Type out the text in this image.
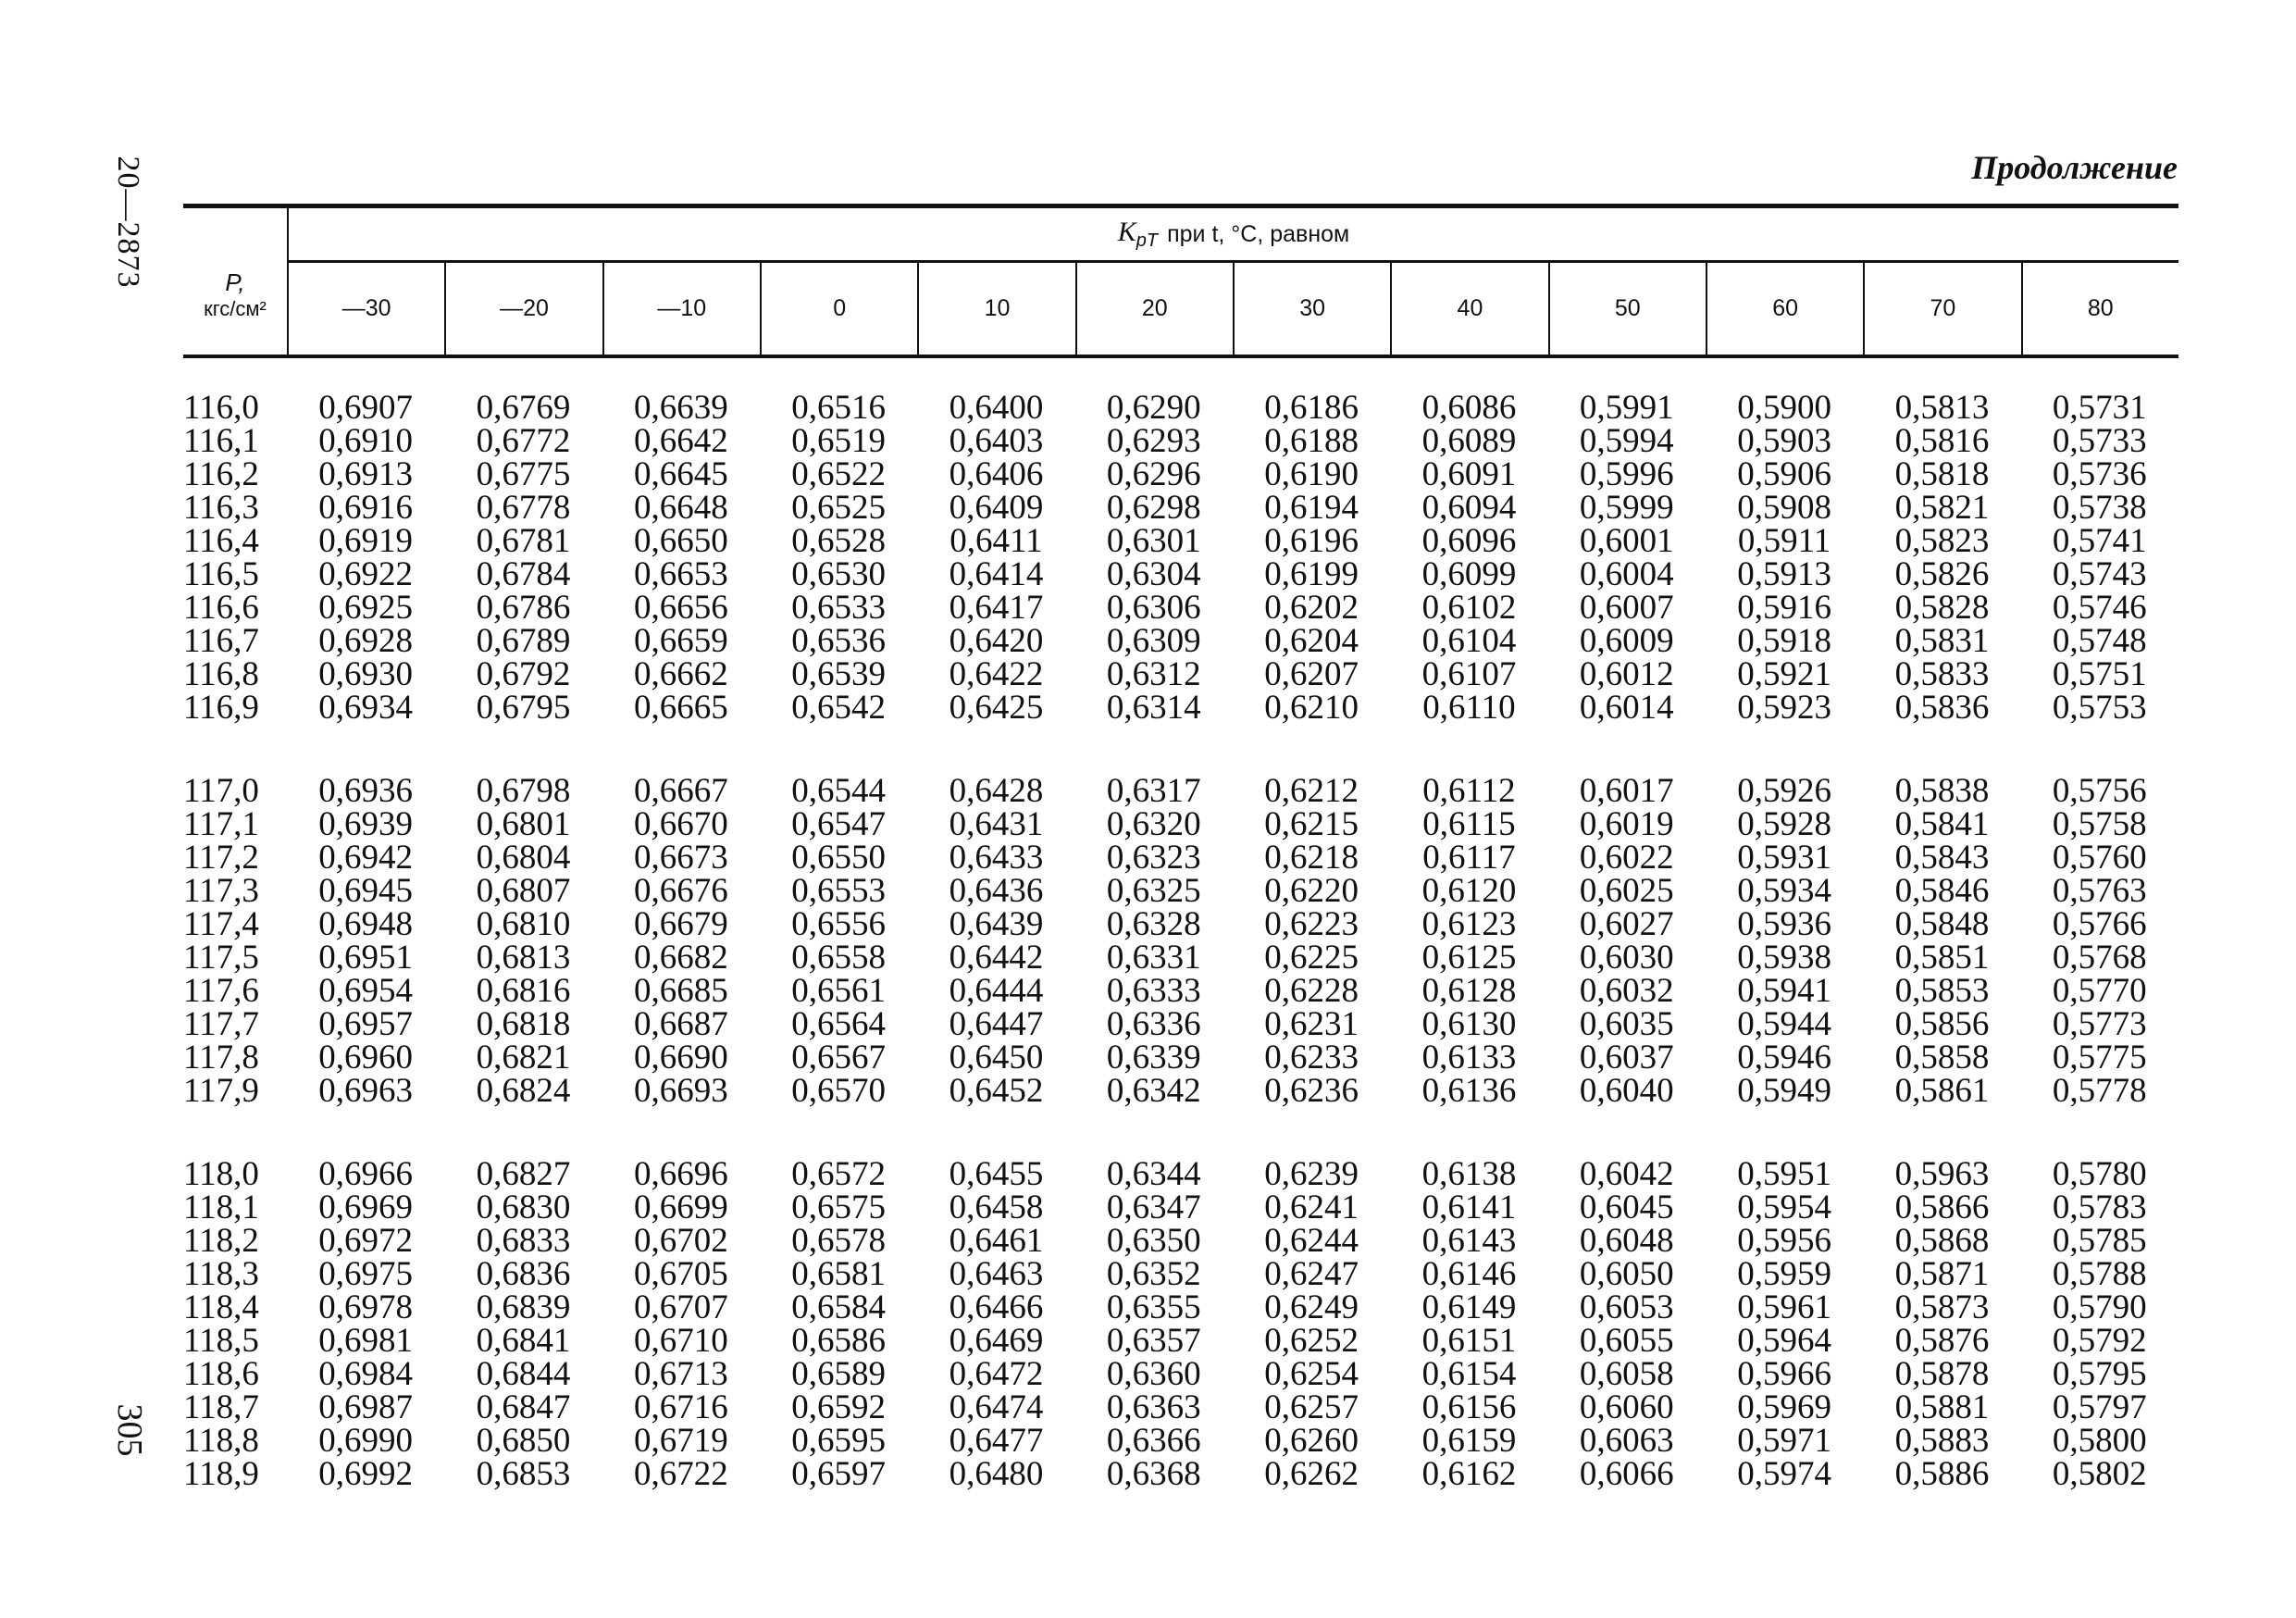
20—2873
305
Продолжение
P,
кгс/см²
$K_{pT}$ при t, °C, равном
—30	—20	—10	0	10	20	30	40	50	60	70	80
116,0	0,6907	0,6769	0,6639	0,6516	0,6400	0,6290	0,6186	0,6086	0,5991	0,5900	0,5813	0,5731
116,1	0,6910	0,6772	0,6642	0,6519	0,6403	0,6293	0,6188	0,6089	0,5994	0,5903	0,5816	0,5733
116,2	0,6913	0,6775	0,6645	0,6522	0,6406	0,6296	0,6190	0,6091	0,5996	0,5906	0,5818	0,5736
116,3	0,6916	0,6778	0,6648	0,6525	0,6409	0,6298	0,6194	0,6094	0,5999	0,5908	0,5821	0,5738
116,4	0,6919	0,6781	0,6650	0,6528	0,6411	0,6301	0,6196	0,6096	0,6001	0,5911	0,5823	0,5741
116,5	0,6922	0,6784	0,6653	0,6530	0,6414	0,6304	0,6199	0,6099	0,6004	0,5913	0,5826	0,5743
116,6	0,6925	0,6786	0,6656	0,6533	0,6417	0,6306	0,6202	0,6102	0,6007	0,5916	0,5828	0,5746
116,7	0,6928	0,6789	0,6659	0,6536	0,6420	0,6309	0,6204	0,6104	0,6009	0,5918	0,5831	0,5748
116,8	0,6930	0,6792	0,6662	0,6539	0,6422	0,6312	0,6207	0,6107	0,6012	0,5921	0,5833	0,5751
116,9	0,6934	0,6795	0,6665	0,6542	0,6425	0,6314	0,6210	0,6110	0,6014	0,5923	0,5836	0,5753
117,0	0,6936	0,6798	0,6667	0,6544	0,6428	0,6317	0,6212	0,6112	0,6017	0,5926	0,5838	0,5756
117,1	0,6939	0,6801	0,6670	0,6547	0,6431	0,6320	0,6215	0,6115	0,6019	0,5928	0,5841	0,5758
117,2	0,6942	0,6804	0,6673	0,6550	0,6433	0,6323	0,6218	0,6117	0,6022	0,5931	0,5843	0,5760
117,3	0,6945	0,6807	0,6676	0,6553	0,6436	0,6325	0,6220	0,6120	0,6025	0,5934	0,5846	0,5763
117,4	0,6948	0,6810	0,6679	0,6556	0,6439	0,6328	0,6223	0,6123	0,6027	0,5936	0,5848	0,5766
117,5	0,6951	0,6813	0,6682	0,6558	0,6442	0,6331	0,6225	0,6125	0,6030	0,5938	0,5851	0,5768
117,6	0,6954	0,6816	0,6685	0,6561	0,6444	0,6333	0,6228	0,6128	0,6032	0,5941	0,5853	0,5770
117,7	0,6957	0,6818	0,6687	0,6564	0,6447	0,6336	0,6231	0,6130	0,6035	0,5944	0,5856	0,5773
117,8	0,6960	0,6821	0,6690	0,6567	0,6450	0,6339	0,6233	0,6133	0,6037	0,5946	0,5858	0,5775
117,9	0,6963	0,6824	0,6693	0,6570	0,6452	0,6342	0,6236	0,6136	0,6040	0,5949	0,5861	0,5778
118,0	0,6966	0,6827	0,6696	0,6572	0,6455	0,6344	0,6239	0,6138	0,6042	0,5951	0,5963	0,5780
118,1	0,6969	0,6830	0,6699	0,6575	0,6458	0,6347	0,6241	0,6141	0,6045	0,5954	0,5866	0,5783
118,2	0,6972	0,6833	0,6702	0,6578	0,6461	0,6350	0,6244	0,6143	0,6048	0,5956	0,5868	0,5785
118,3	0,6975	0,6836	0,6705	0,6581	0,6463	0,6352	0,6247	0,6146	0,6050	0,5959	0,5871	0,5788
118,4	0,6978	0,6839	0,6707	0,6584	0,6466	0,6355	0,6249	0,6149	0,6053	0,5961	0,5873	0,5790
118,5	0,6981	0,6841	0,6710	0,6586	0,6469	0,6357	0,6252	0,6151	0,6055	0,5964	0,5876	0,5792
118,6	0,6984	0,6844	0,6713	0,6589	0,6472	0,6360	0,6254	0,6154	0,6058	0,5966	0,5878	0,5795
118,7	0,6987	0,6847	0,6716	0,6592	0,6474	0,6363	0,6257	0,6156	0,6060	0,5969	0,5881	0,5797
118,8	0,6990	0,6850	0,6719	0,6595	0,6477	0,6366	0,6260	0,6159	0,6063	0,5971	0,5883	0,5800
118,9	0,6992	0,6853	0,6722	0,6597	0,6480	0,6368	0,6262	0,6162	0,6066	0,5974	0,5886	0,5802
